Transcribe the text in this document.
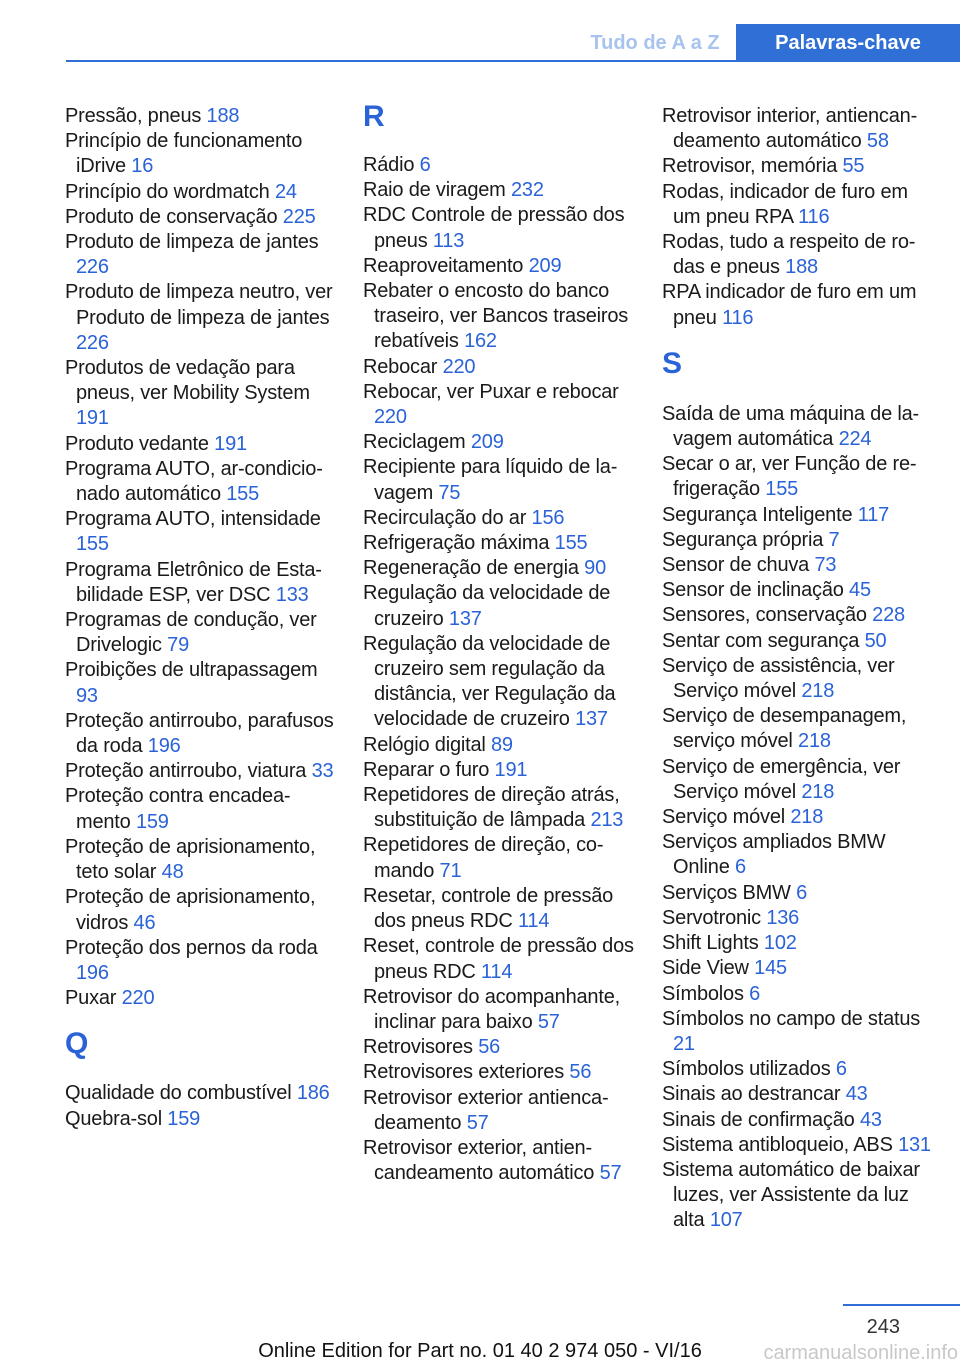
Tudo de A a Z	Palavras-chave
Pressão, pneus 188
Princípio de funcionamento iDrive 16
Princípio do wordmatch 24
Produto de conservação 225
Produto de limpeza de jantes 226
Produto de limpeza neutro, ver Produto de limpeza de jantes 226
Produtos de vedação para pneus, ver Mobility System 191
Produto vedante 191
Programa AUTO, ar-condicionado automático 155
Programa AUTO, intensidade 155
Programa Eletrônico de Estabilidade ESP, ver DSC 133
Programas de condução, ver Drivelogic 79
Proibições de ultrapassagem 93
Proteção antirroubo, parafusos da roda 196
Proteção antirroubo, viatura 33
Proteção contra encadeamento 159
Proteção de aprisionamento, teto solar 48
Proteção de aprisionamento, vidros 46
Proteção dos pernos da roda 196
Puxar 220
Q
Qualidade do combustível 186
Quebra-sol 159
R
Rádio 6
Raio de viragem 232
RDC Controle de pressão dos pneus 113
Reaproveitamento 209
Rebater o encosto do banco traseiro, ver Bancos traseiros rebatíveis 162
Rebocar 220
Rebocar, ver Puxar e rebocar 220
Reciclagem 209
Recipiente para líquido de lavagem 75
Recirculação do ar 156
Refrigeração máxima 155
Regeneração de energia 90
Regulação da velocidade de cruzeiro 137
Regulação da velocidade de cruzeiro sem regulação da distância, ver Regulação da velocidade de cruzeiro 137
Relógio digital 89
Reparar o furo 191
Repetidores de direção atrás, substituição de lâmpada 213
Repetidores de direção, comando 71
Resetar, controle de pressão dos pneus RDC 114
Reset, controle de pressão dos pneus RDC 114
Retrovisor do acompanhante, inclinar para baixo 57
Retrovisores 56
Retrovisores exteriores 56
Retrovisor exterior antiencadeamento 57
Retrovisor exterior, antiencandeamento automático 57
Retrovisor interior, antiencandeamento automático 58
Retrovisor, memória 55
Rodas, indicador de furo em um pneu RPA 116
Rodas, tudo a respeito de rodas e pneus 188
RPA indicador de furo em um pneu 116
S
Saída de uma máquina de lavagem automática 224
Secar o ar, ver Função de refrigeração 155
Segurança Inteligente 117
Segurança própria 7
Sensor de chuva 73
Sensor de inclinação 45
Sensores, conservação 228
Sentar com segurança 50
Serviço de assistência, ver Serviço móvel 218
Serviço de desempanagem, serviço móvel 218
Serviço de emergência, ver Serviço móvel 218
Serviço móvel 218
Serviços ampliados BMW Online 6
Serviços BMW 6
Servotronic 136
Shift Lights 102
Side View 145
Símbolos 6
Símbolos no campo de status 21
Símbolos utilizados 6
Sinais ao destrancar 43
Sinais de confirmação 43
Sistema antibloqueio, ABS 131
Sistema automático de baixar luzes, ver Assistente da luz alta 107
243
Online Edition for Part no. 01 40 2 974 050 - VI/16	carmanualsonline.info
